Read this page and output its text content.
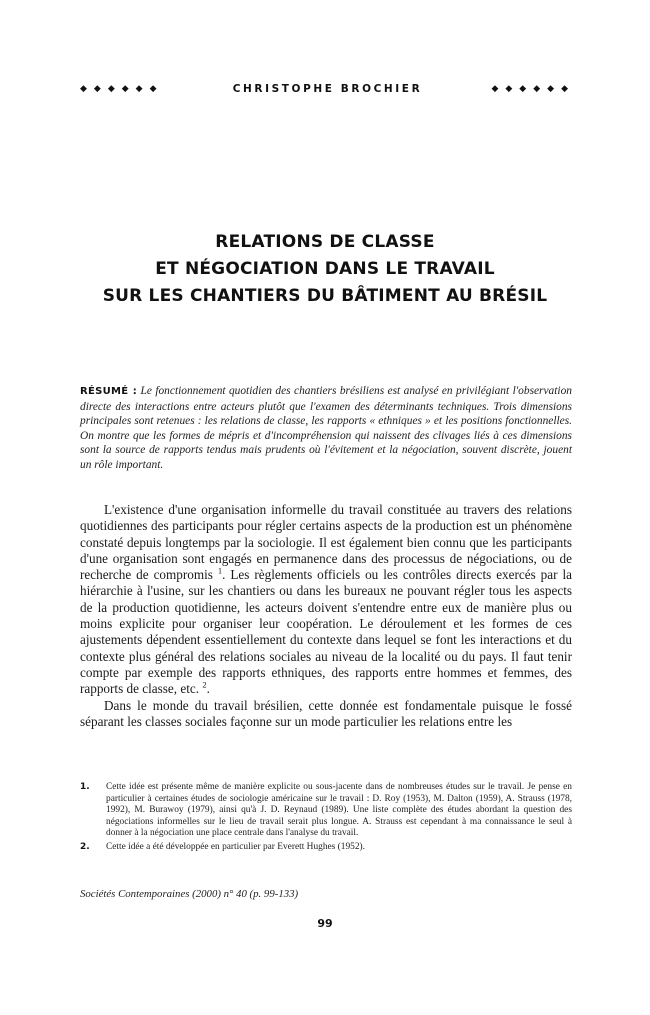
◆◆◆◆◆◆	CHRISTOPHE BROCHIER	◆◆◆◆◆◆
RELATIONS DE CLASSE
ET NÉGOCIATION DANS LE TRAVAIL
SUR LES CHANTIERS DU BÂTIMENT AU BRÉSIL
RÉSUMÉ : Le fonctionnement quotidien des chantiers brésiliens est analysé en privilégiant l'observation directe des interactions entre acteurs plutôt que l'examen des déterminants techniques. Trois dimensions principales sont retenues : les relations de classe, les rapports « ethniques » et les positions fonctionnelles. On montre que les formes de mépris et d'incompréhension qui naissent des clivages liés à ces dimensions sont la source de rapports tendus mais prudents où l'évitement et la négociation, souvent discrète, jouent un rôle important.

L'existence d'une organisation informelle du travail constituée au travers des relations quotidiennes des participants pour régler certains aspects de la production est un phénomène constaté depuis longtemps par la sociologie. Il est également bien connu que les participants d'une organisation sont engagés en permanence dans des processus de négociations, ou de recherche de compromis $^1$. Les règlements officiels ou les contrôles directs exercés par la hiérarchie à l'usine, sur les chantiers ou dans les bureaux ne pouvant régler tous les aspects de la production quotidienne, les acteurs doivent s'entendre entre eux de manière plus ou moins explicite pour organiser leur coopération. Le déroulement et les formes de ces ajustements dépendent essentiellement du contexte dans lequel se font les interactions et du contexte plus général des relations sociales au niveau de la localité ou du pays. Il faut tenir compte par exemple des rapports ethniques, des rapports entre hommes et femmes, des rapports de classe, etc. $^2$.

Dans le monde du travail brésilien, cette donnée est fondamentale puisque le fossé séparant les classes sociales façonne sur un mode particulier les relations entre les

1.	Cette idée est présente même de manière explicite ou sous-jacente dans de nombreuses études sur le travail. Je pense en particulier à certaines études de sociologie américaine sur le travail : D. Roy (1953), M. Dalton (1959), A. Strauss (1978, 1992), M. Burawoy (1979), ainsi qu'à J. D. Reynaud (1989). Une liste complète des études abordant la question des négociations informelles sur le lieu de travail serait plus longue. A. Strauss est cependant à ma connaissance le seul à donner à la négociation une place centrale dans l'analyse du travail.
2.	Cette idée a été développée en particulier par Everett Hughes (1952).
Sociétés Contemporaines (2000) n° 40 (p. 99-133)
99
